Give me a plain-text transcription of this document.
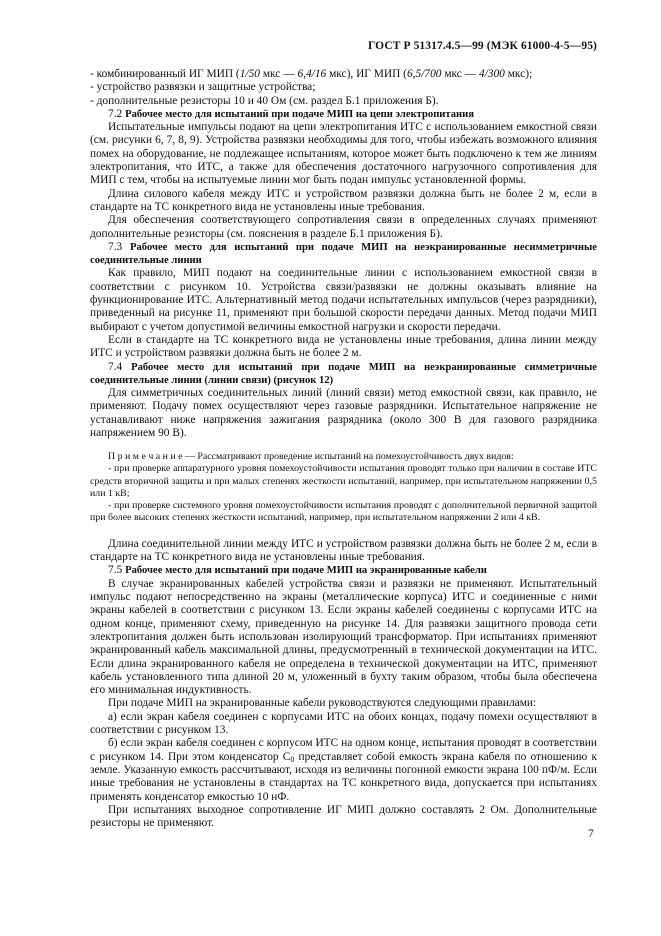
ГОСТ Р 51317.4.5—99 (МЭК 61000-4-5—95)

- комбинированный ИГ МИП (1/50 мкс — 6,4/16 мкс), ИГ МИП (6,5/700 мкс — 4/300 мкс);

- устройство развязки и защитные устройства;

- дополнительные резисторы 10 и 40 Ом (см. раздел Б.1 приложения Б).

7.2 Рабочее место для испытаний при подаче МИП на цепи электропитания

Испытательные импульсы подают на цепи электропитания ИТС с использованием емкостной связи (см. рисунки 6, 7, 8, 9). Устройства развязки необходимы для того, чтобы избежать возможного влияния помех на оборудование, не подлежащее испытаниям, которое может быть подключено к тем же линиям электропитания, что ИТС, а также для обеспечения достаточного нагрузочного сопротивления для МИП с тем, чтобы на испытуемые линии мог быть подан импульс установленной формы.

Длина силового кабеля между ИТС и устройством развязки должна быть не более 2 м, если в стандарте на ТС конкретного вида не установлены иные требования.

Для обеспечения соответствующего сопротивления связи в определенных случаях применяют дополнительные резисторы (см. пояснения в разделе Б.1 приложения Б).

7.3 Рабочее место для испытаний при подаче МИП на неэкранированные несимметричные соединительные линии

Как правило, МИП подают на соединительные линии с использованием емкостной связи в соответствии с рисунком 10. Устройства связи/развязки не должны оказывать влияние на функционирование ИТС. Альтернативный метод подачи испытательных импульсов (через разрядники), приведенный на рисунке 11, применяют при большой скорости передачи данных. Метод подачи МИП выбирают с учетом допустимой величины емкостной нагрузки и скорости передачи.

Если в стандарте на ТС конкретного вида не установлены иные требования, длина линии между ИТС и устройством развязки должна быть не более 2 м.

7.4 Рабочее место для испытаний при подаче МИП на неэкранированные симметричные соединительные линии (линии связи) (рисунок 12)

Для симметричных соединительных линий (линий связи) метод емкостной связи, как правило, не применяют. Подачу помех осуществляют через газовые разрядники. Испытательное напряжение не устанавливают ниже напряжения зажигания разрядника (около 300 В для газового разрядника напряжением 90 В).

П р и м е ч а н и е — Рассматривают проведение испытаний на помехоустойчивость двух видов:

- при проверке аппаратурного уровня помехоустойчивости испытания проводят только при наличии в составе ИТС средств вторичной защиты и при малых степенях жесткости испытаний, например, при испытательном напряжении 0,5 или 1 кВ;

- при проверке системного уровня помехоустойчивости испытания проводят с дополнительной первичной защитой при более высоких степенях жесткости испытаний, например, при испытательном напряжении 2 или 4 кВ.

Длина соединительной линии между ИТС и устройством развязки должна быть не более 2 м, если в стандарте на ТС конкретного вида не установлены иные требования.

7.5 Рабочее место для испытаний при подаче МИП на экранированные кабели

В случае экранированных кабелей устройства связи и развязки не применяют. Испытательный импульс подают непосредственно на экраны (металлические корпуса) ИТС и соединенные с ними экраны кабелей в соответствии с рисунком 13. Если экраны кабелей соединены с корпусами ИТС на одном конце, применяют схему, приведенную на рисунке 14. Для развязки защитного провода сети электропитания должен быть использован изолирующий трансформатор. При испытаниях применяют экранированный кабель максимальной длины, предусмотренный в технической документации на ИТС. Если длина экранированного кабеля не определена в технической документации на ИТС, применяют кабель установленного типа длиной 20 м, уложенный в бухту таким образом, чтобы была обеспечена его минимальная индуктивность.

При подаче МИП на экранированные кабели руководствуются следующими правилами:

а) если экран кабеля соединен с корпусами ИТС на обоих концах, подачу помехи осуществляют в соответствии с рисунком 13.

б) если экран кабеля соединен с корпусом ИТС на одном конце, испытания проводят в соответствии с рисунком 14. При этом конденсатор $С_0$ представляет собой емкость экрана кабеля по отношению к земле. Указанную емкость рассчитывают, исходя из величины погонной емкости экрана 100 пФ/м. Если иные требования не установлены в стандартах на ТС конкретного вида, допускается при испытаниях применять конденсатор емкостью 10 нФ.

При испытаниях выходное сопротивление ИГ МИП должно составлять 2 Ом. Дополнительные резисторы не применяют.

7
